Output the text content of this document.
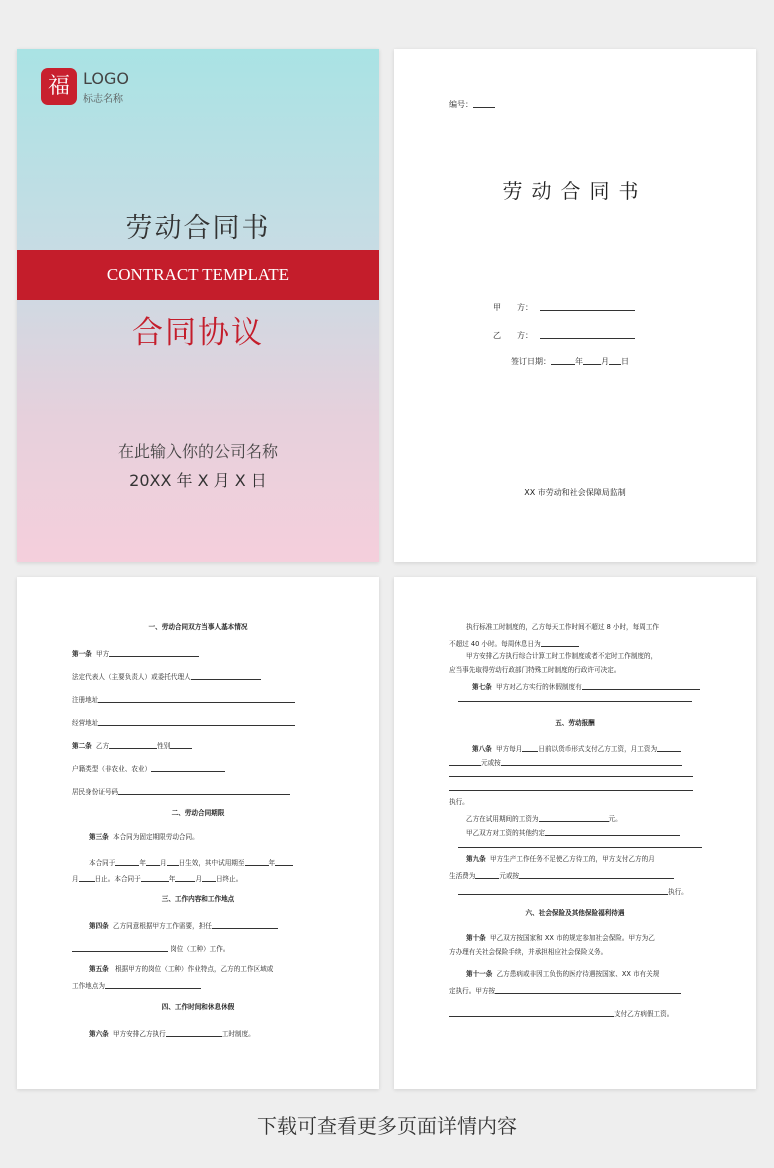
福 LOGO
标志名称
劳动合同书
CONTRACT TEMPLATE
合同协议
在此输入你的公司名称
20XX 年 X 月 X 日
编号：
劳动合同书
甲　　方：
乙　　方：
签订日期：	年 月 日
XX 市劳动和社会保障局监制
一、劳动合同双方当事人基本情况
第一条 甲方
法定代表人（主要负责人）或委托代理人
注册地址
经营地址
第二条 乙方	性别
户籍类型（非农业、农业）
居民身份证号码
二、劳动合同期限
第三条 本合同为固定期限劳动合同。
本合同于	年 月 日生效，其中试用期至	年
月 日止。本合同于	年	月 日终止。
三、工作内容和工作地点
第四条 乙方同意根据甲方工作需要，担任
岗位（工种）工作。
第五条 根据甲方的岗位（工种）作业特点，乙方的工作区域或
工作地点为
四、工作时间和休息休假
第六条 甲方安排乙方执行	工时制度。
执行标准工时制度的，乙方每天工作时间不超过 8 小时，每周工作
不超过 40 小时。每周休息日为
甲方安排乙方执行综合计算工时工作制度或者不定时工作制度的，
应当事先取得劳动行政部门特殊工时制度的行政许可决定。
第七条 甲方对乙方实行的休假制度有
五、劳动报酬
第八条 甲方每月 日前以货币形式支付乙方工资，月工资为
元或按
执行。
乙方在试用期间的工资为	元。
甲乙双方对工资的其他约定
第九条 甲方生产工作任务不足使乙方待工的，甲方支付乙方的月
生活费为	元或按
执行。
六、社会保险及其他保险福利待遇
第十条 甲乙双方按国家和 XX 市的规定参加社会保险。甲方为乙
方办理有关社会保险手续，并承担相应社会保险义务。
第十一条 乙方患病或非因工负伤的医疗待遇按国家、XX 市有关规
定执行。甲方按
支付乙方病假工资。
下载可查看更多页面详情内容
